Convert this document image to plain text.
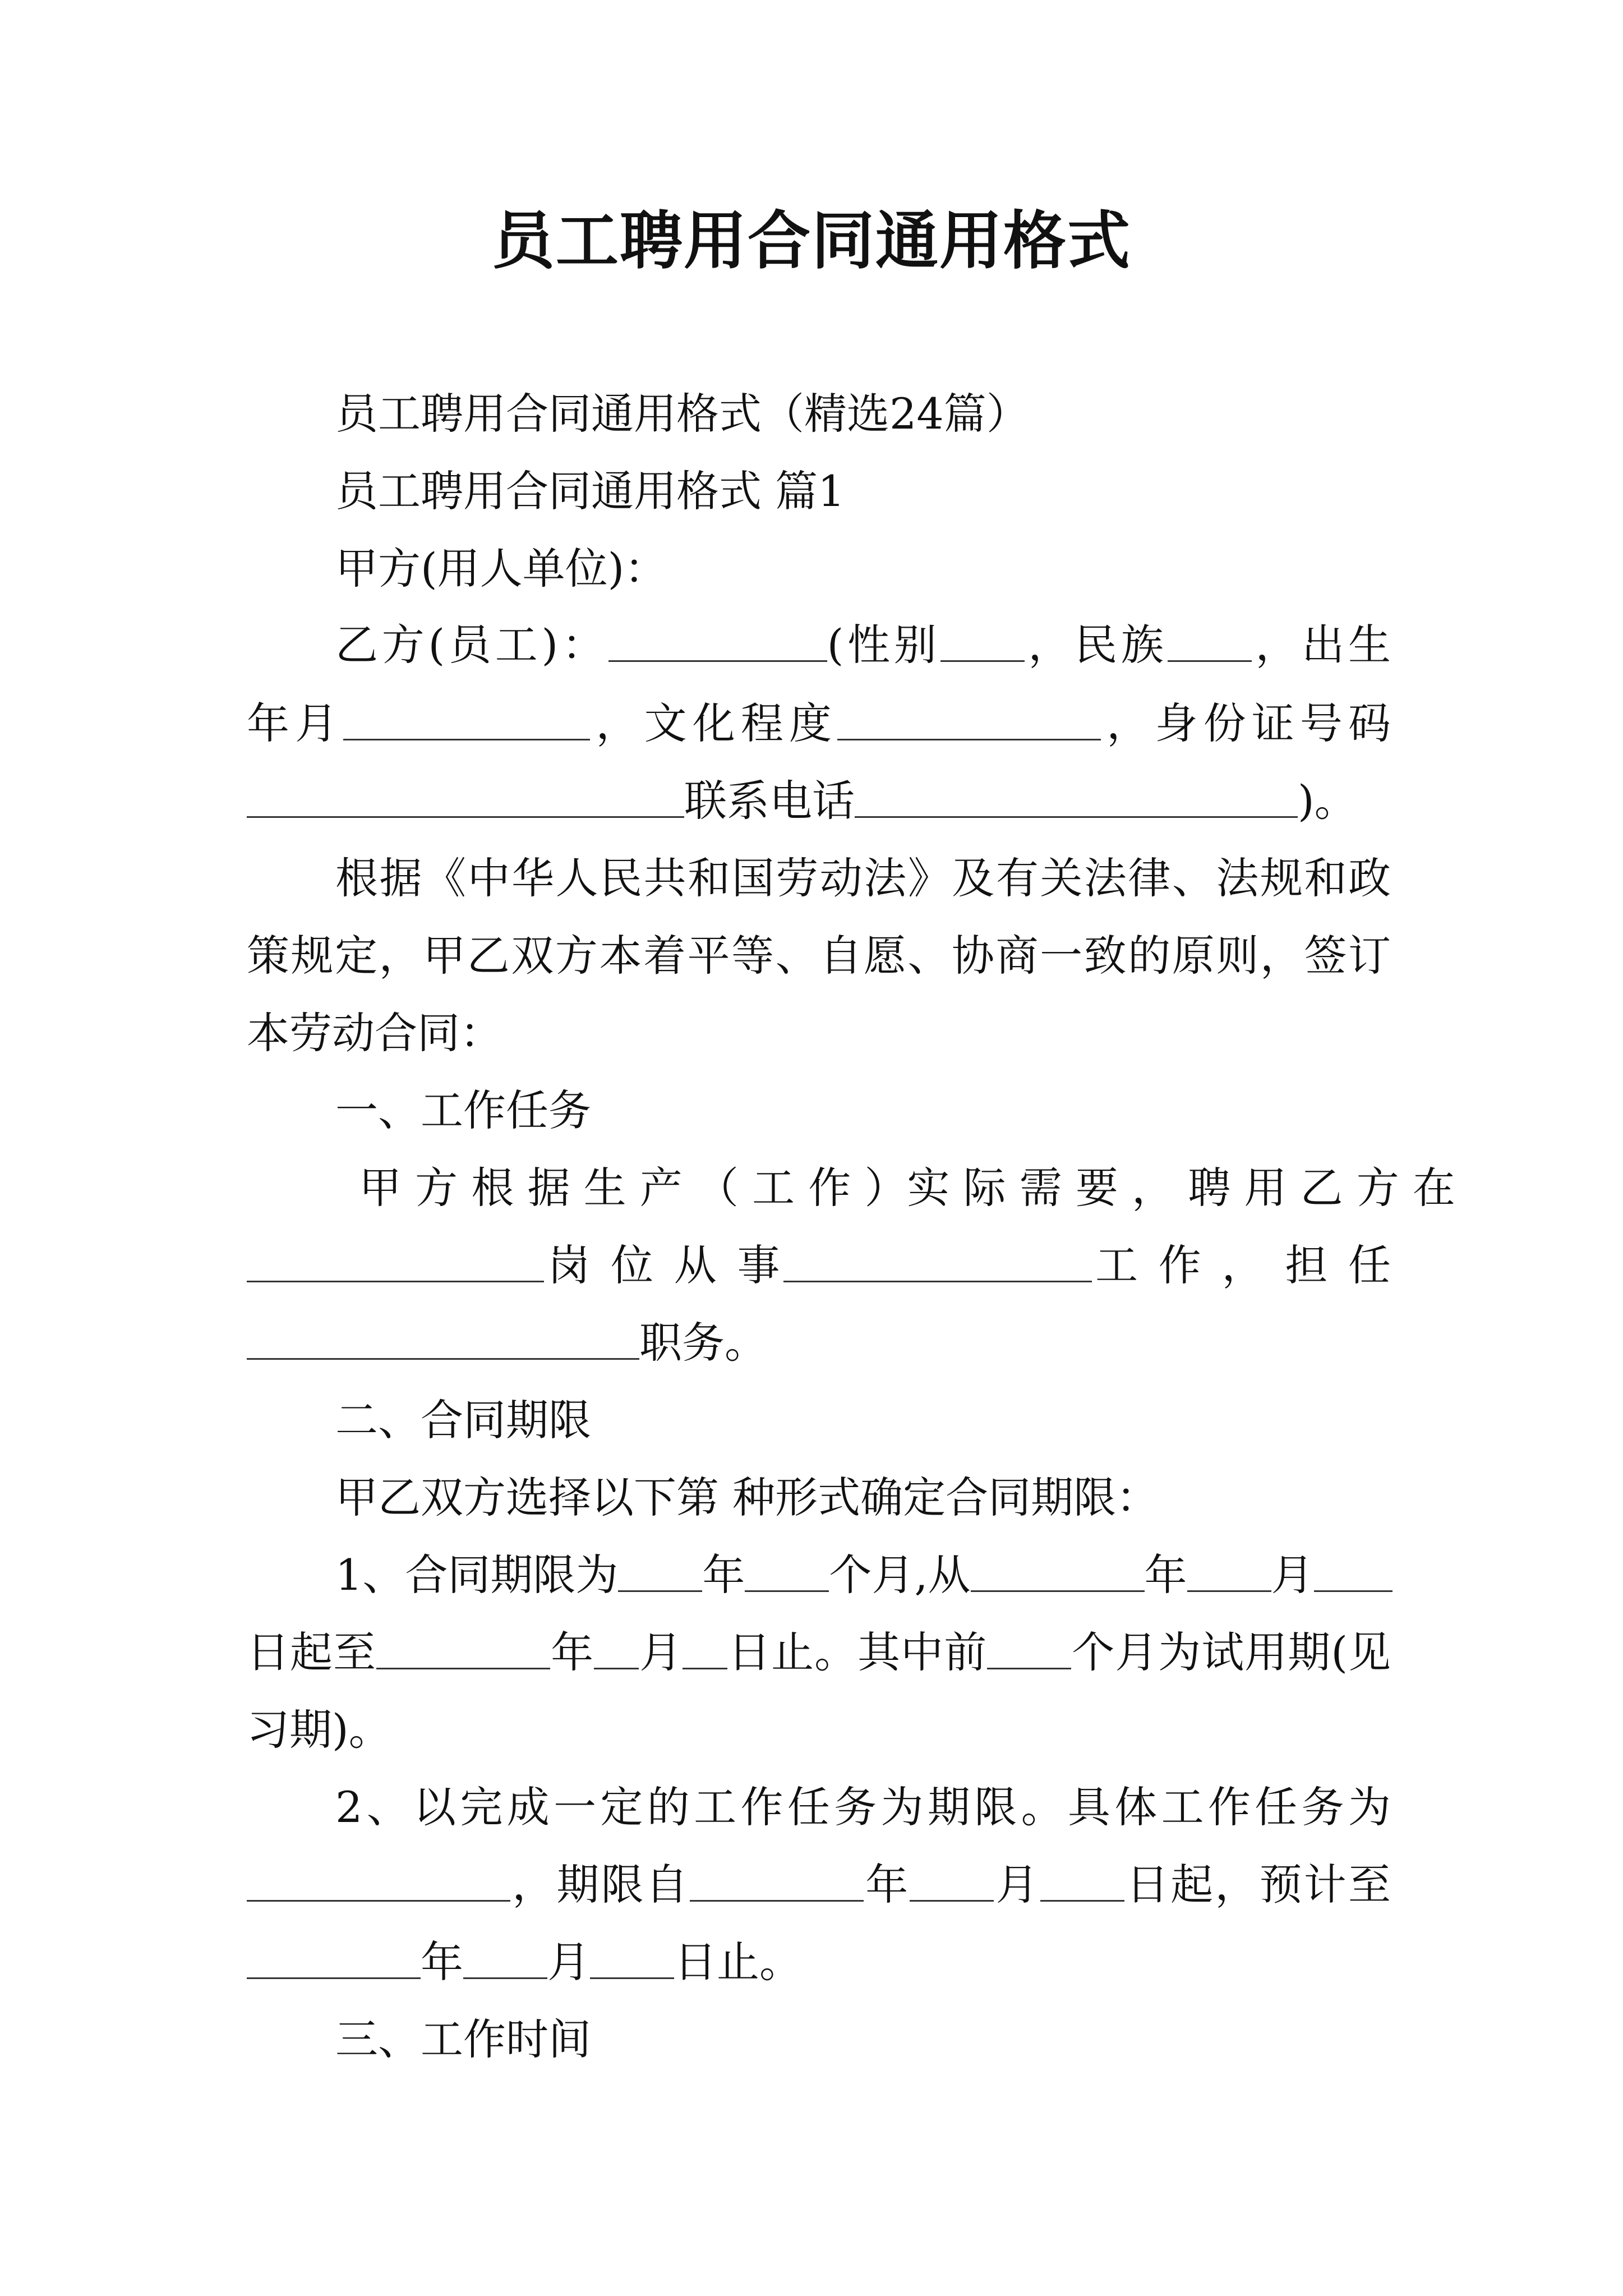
员工聘用合同通用格式
员工聘用合同通用格式（精选24篇）
员工聘用合同通用格式 篇1
甲方(用人单位)：
乙方(员工)：	(性别 ，民族 ，出生
年月	，文化程度	，身份证号码
联系电话	)。
根据《中华人民共和国劳动法》及有关法律、法规和政
策规定，甲乙双方本着平等、自愿、协商一致的原则，签订
本劳动合同：
一、工作任务
甲 方 根 据 生 产 （ 工 作 ）实 际 需 要 ， 聘 用 乙 方 在
岗 位 从 事	工 作 ， 担 任
职务。
二、合同期限
甲乙双方选择以下第 种形式确定合同期限：
1、合同期限为 年 个月,从	年 月
日起至	年 月 日止。其中前 个月为试用期(见
习期)。
2、以完成一定的工作任务为期限。具体工作任务为
，期限自	年 月 日起，预计至
年 月 日止。
三、工作时间
